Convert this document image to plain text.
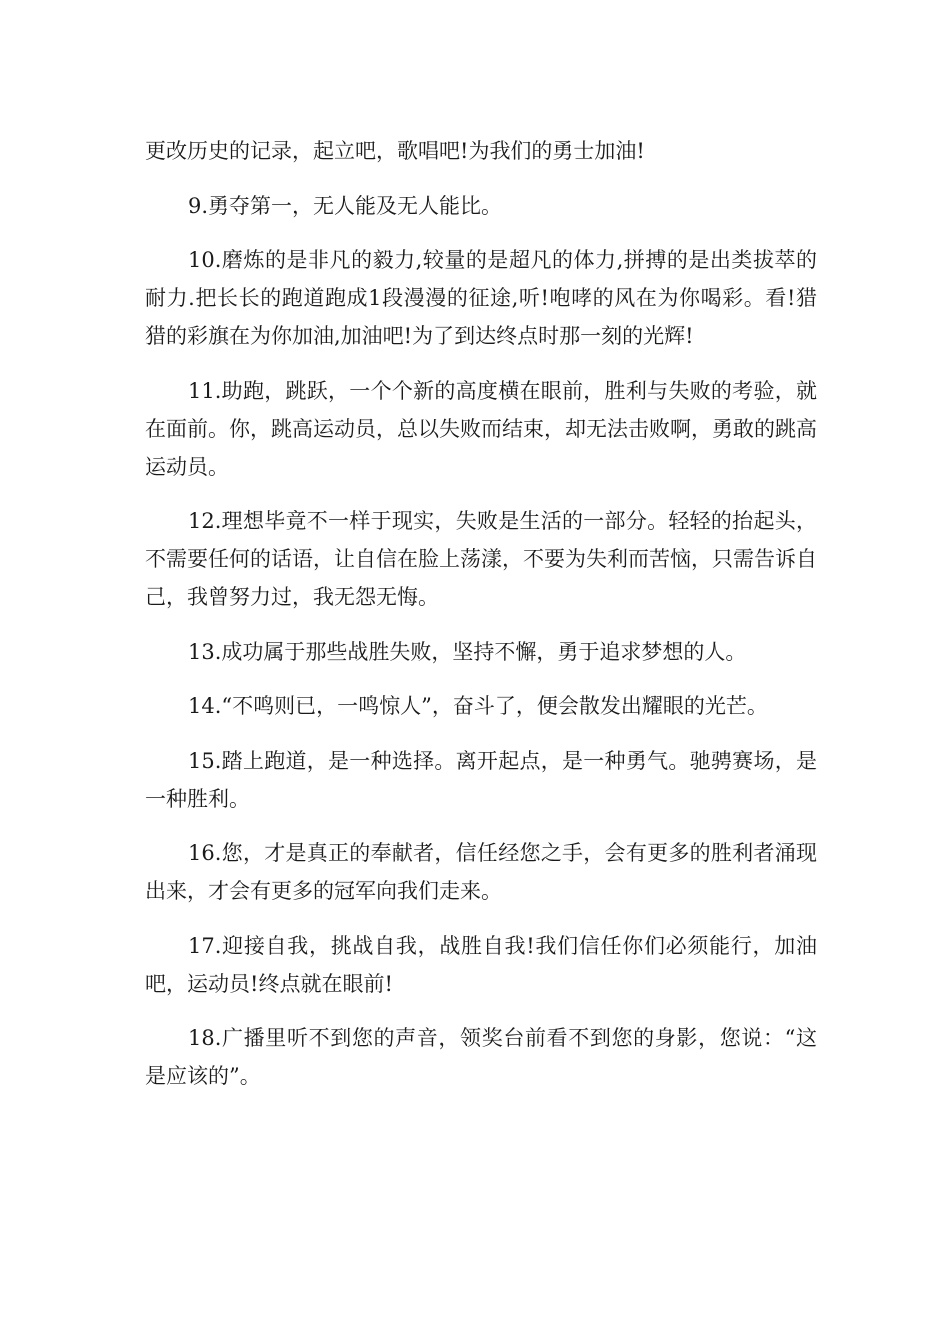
更改历史的记录，起立吧，歌唱吧!为我们的勇士加油!

9.勇夺第一，无人能及无人能比。

10.磨炼的是非凡的毅力,较量的是超凡的体力,拼搏的是出类拔萃的耐力.把长长的跑道跑成1段漫漫的征途,听!咆哮的风在为你喝彩。看!猎猎的彩旗在为你加油,加油吧!为了到达终点时那一刻的光辉!

11.助跑，跳跃，一个个新的高度横在眼前，胜利与失败的考验，就在面前。你，跳高运动员，总以失败而结束，却无法击败啊，勇敢的跳高运动员。

12.理想毕竟不一样于现实，失败是生活的一部分。轻轻的抬起头，不需要任何的话语，让自信在脸上荡漾，不要为失利而苦恼，只需告诉自己，我曾努力过，我无怨无悔。

13.成功属于那些战胜失败，坚持不懈，勇于追求梦想的人。

14.“不鸣则已，一鸣惊人”，奋斗了，便会散发出耀眼的光芒。

15.踏上跑道，是一种选择。离开起点，是一种勇气。驰骋赛场，是一种胜利。

16.您，才是真正的奉献者，信任经您之手，会有更多的胜利者涌现出来，才会有更多的冠军向我们走来。

17.迎接自我，挑战自我，战胜自我!我们信任你们必须能行，加油吧，运动员!终点就在眼前!

18.广播里听不到您的声音，领奖台前看不到您的身影，您说：“这是应该的”。
